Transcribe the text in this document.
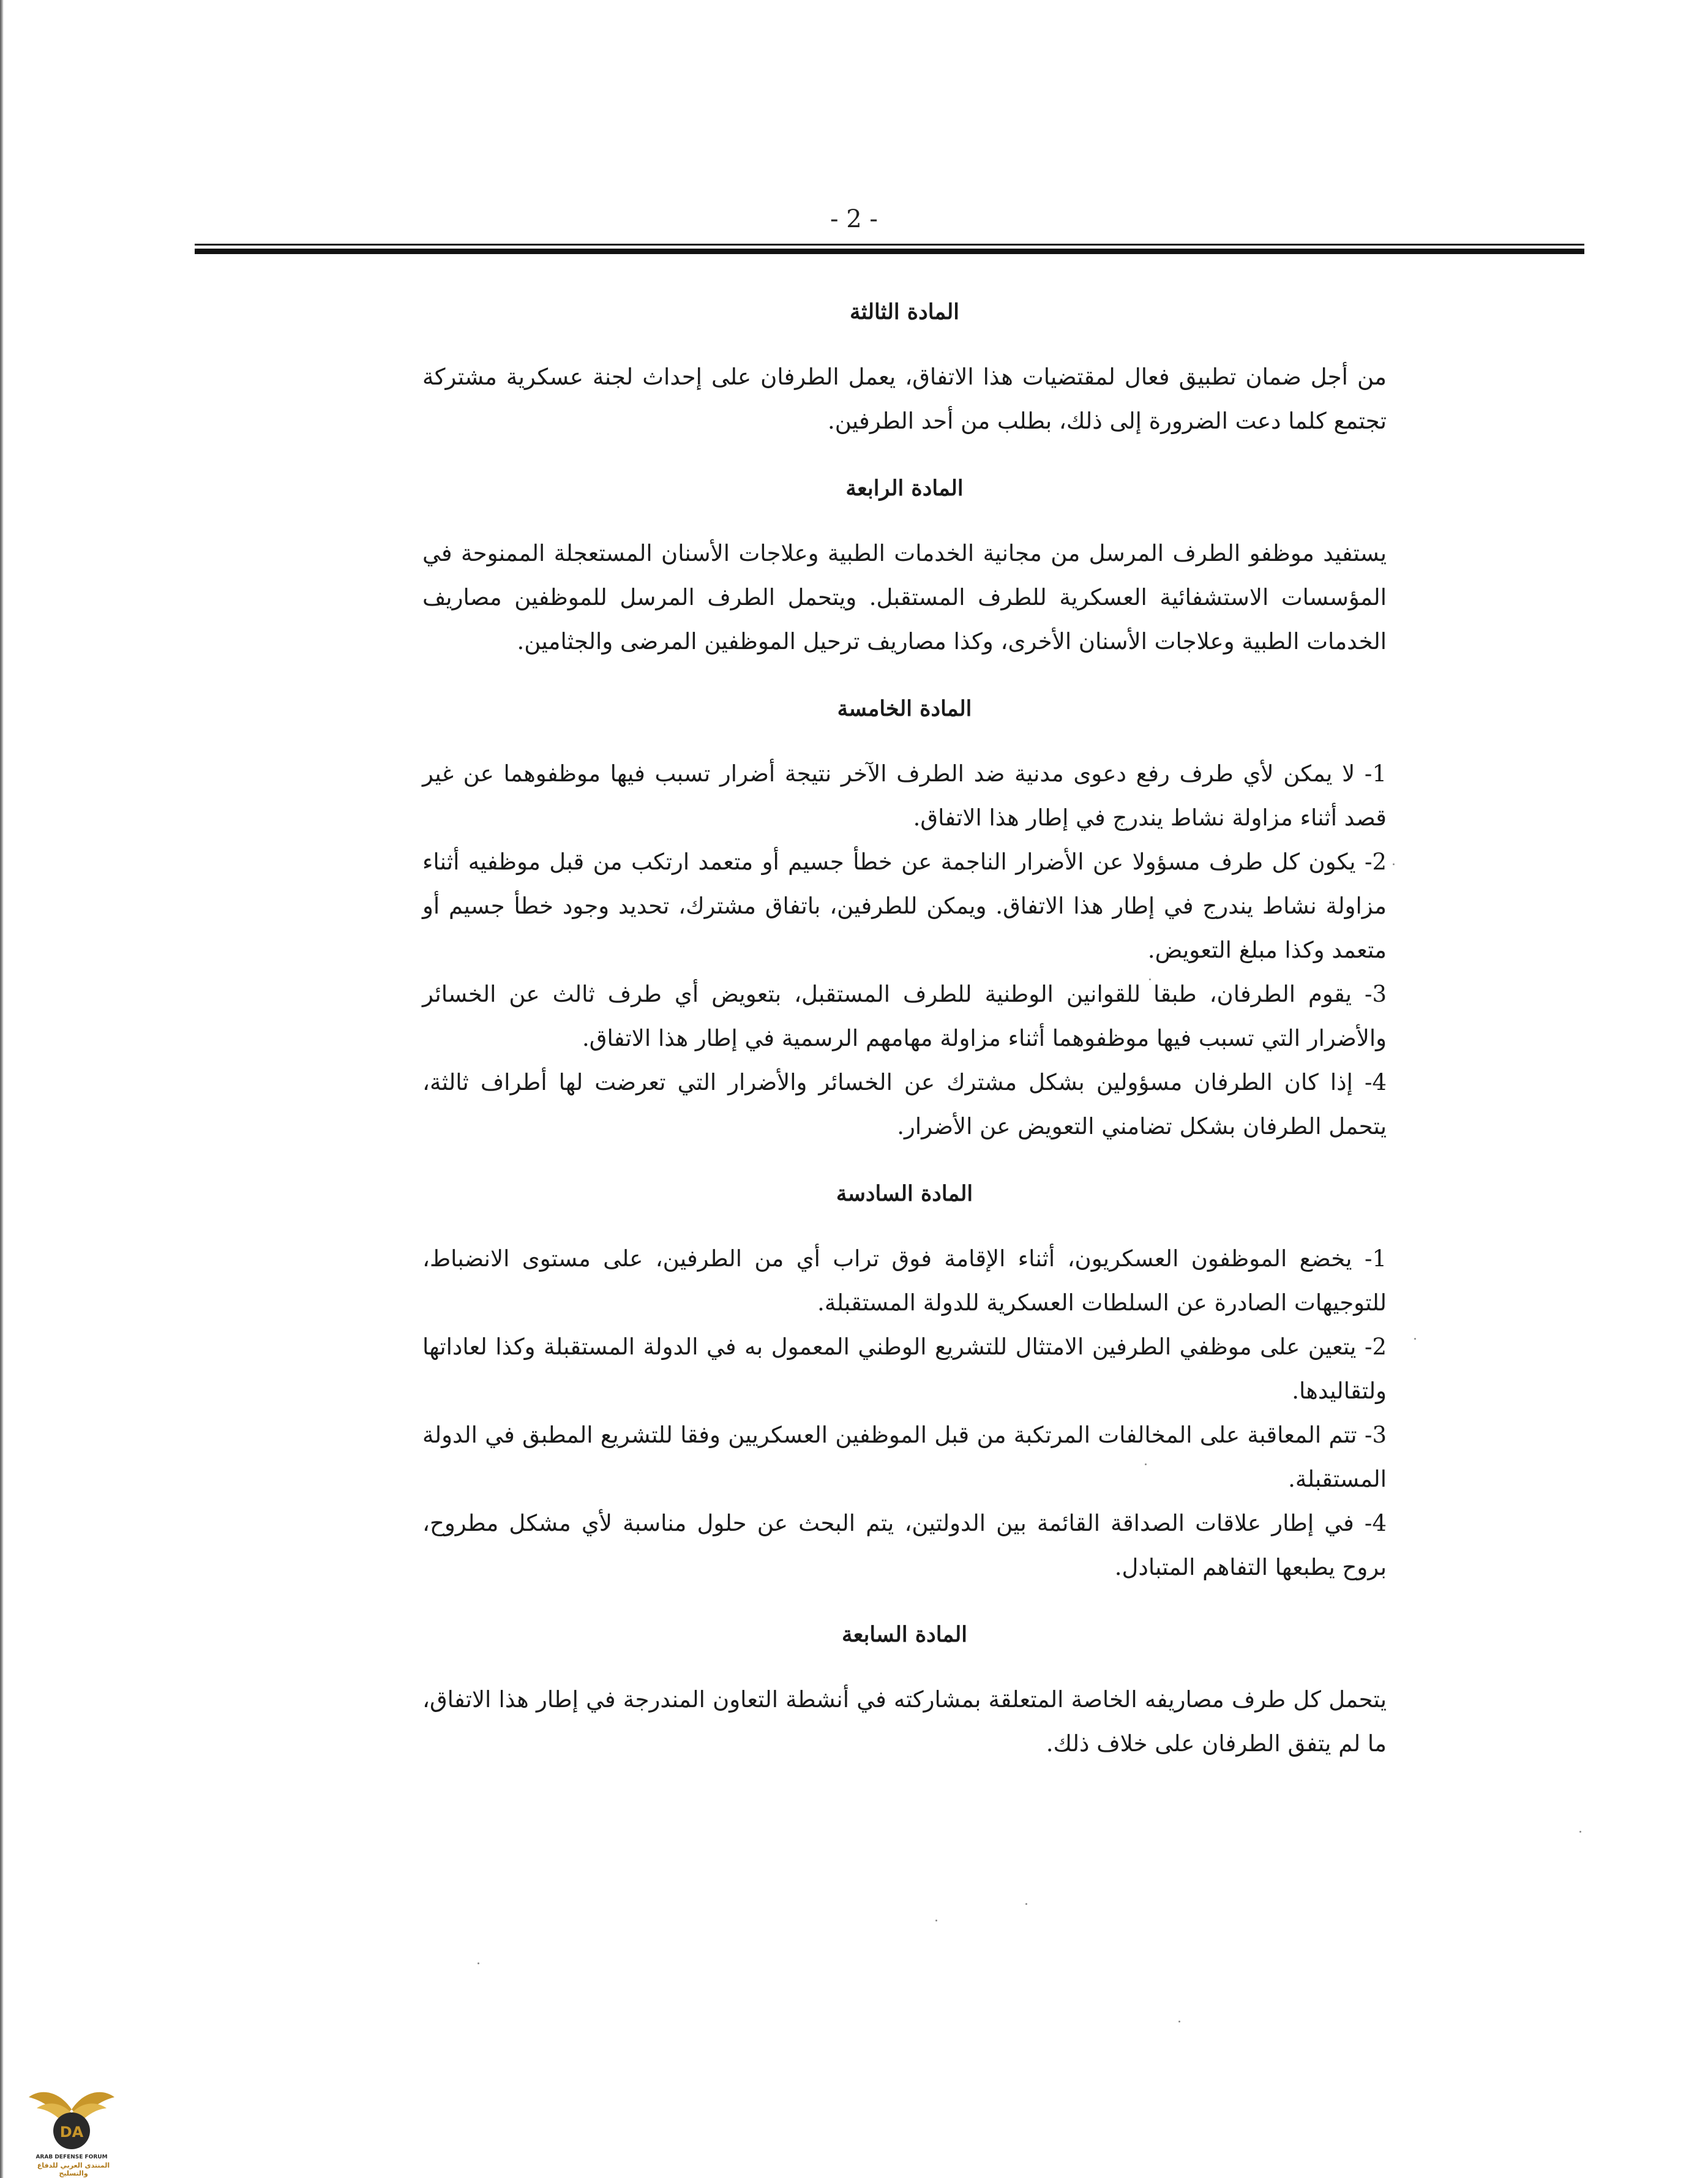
- 2 -
المادة الثالثة

من أجل ضمان تطبيق فعال لمقتضيات هذا الاتفاق، يعمل الطرفان على إحداث لجنة عسكرية مشتركة تجتمع كلما دعت الضرورة إلى ذلك، بطلب من أحد الطرفين.

المادة الرابعة

يستفيد موظفو الطرف المرسل من مجانية الخدمات الطبية وعلاجات الأسنان المستعجلة الممنوحة في المؤسسات الاستشفائية العسكرية للطرف المستقبل. ويتحمل الطرف المرسل للموظفين مصاريف الخدمات الطبية وعلاجات الأسنان الأخرى، وكذا مصاريف ترحيل الموظفين المرضى والجثامين.

المادة الخامسة

1- لا يمكن لأي طرف رفع دعوى مدنية ضد الطرف الآخر نتيجة أضرار تسبب فيها موظفوهما عن غير قصد أثناء مزاولة نشاط يندرج في إطار هذا الاتفاق.

2- يكون كل طرف مسؤولا عن الأضرار الناجمة عن خطأ جسيم أو متعمد ارتكب من قبل موظفيه أثناء مزاولة نشاط يندرج في إطار هذا الاتفاق. ويمكن للطرفين، باتفاق مشترك، تحديد وجود خطأ جسيم أو متعمد وكذا مبلغ التعويض.

3- يقوم الطرفان، طبقا للقوانين الوطنية للطرف المستقبل، بتعويض أي طرف ثالث عن الخسائر والأضرار التي تسبب فيها موظفوهما أثناء مزاولة مهامهم الرسمية في إطار هذا الاتفاق.

4- إذا كان الطرفان مسؤولين بشكل مشترك عن الخسائر والأضرار التي تعرضت لها أطراف ثالثة، يتحمل الطرفان بشكل تضامني التعويض عن الأضرار.

المادة السادسة

1- يخضع الموظفون العسكريون، أثناء الإقامة فوق تراب أي من الطرفين، على مستوى الانضباط، للتوجيهات الصادرة عن السلطات العسكرية للدولة المستقبلة.

2- يتعين على موظفي الطرفين الامتثال للتشريع الوطني المعمول به في الدولة المستقبلة وكذا لعاداتها ولتقاليدها.

3- تتم المعاقبة على المخالفات المرتكبة من قبل الموظفين العسكريين وفقا للتشريع المطبق في الدولة المستقبلة.

4- في إطار علاقات الصداقة القائمة بين الدولتين، يتم البحث عن حلول مناسبة لأي مشكل مطروح، بروح يطبعها التفاهم المتبادل.

المادة السابعة

يتحمل كل طرف مصاريفه الخاصة المتعلقة بمشاركته في أنشطة التعاون المندرجة في إطار هذا الاتفاق، ما لم يتفق الطرفان على خلاف ذلك.

DA
ARAB DEFENSE FORUM
المنتدى العربي للدفاع والتسليح
